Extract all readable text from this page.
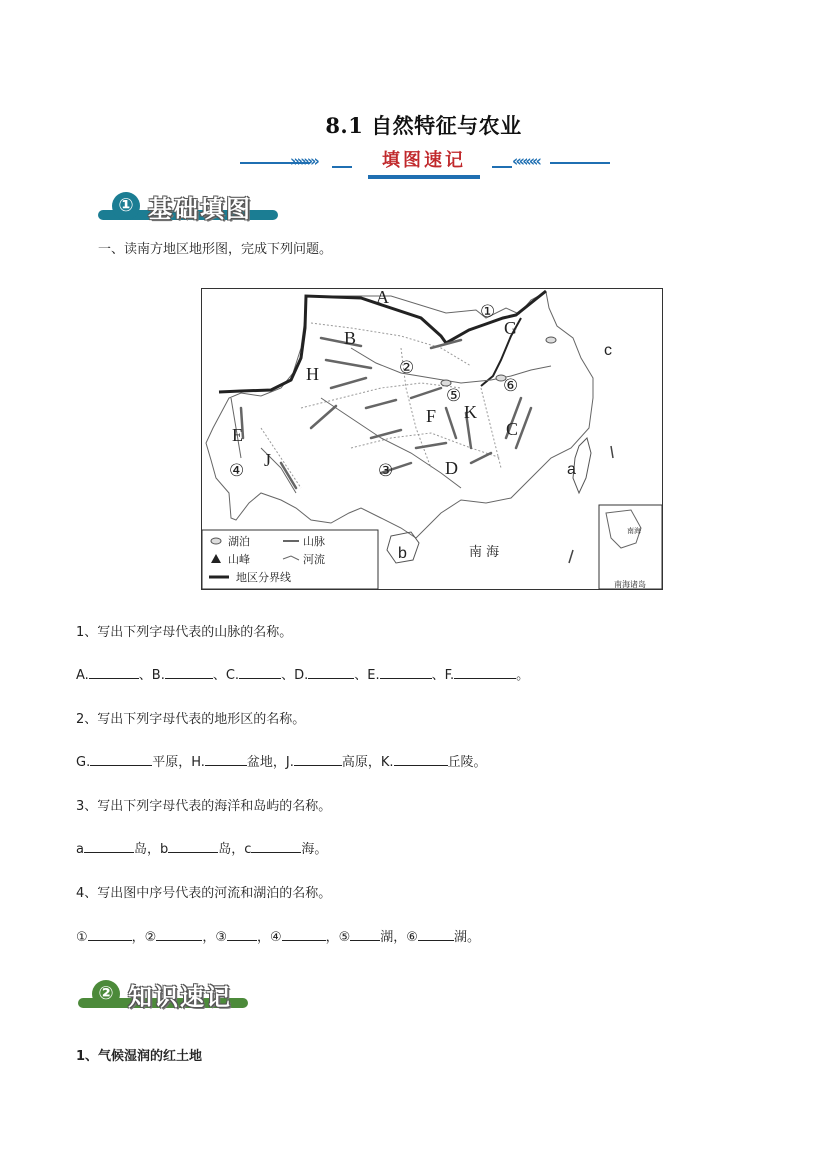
8.1 自然特征与农业
»»»»	填图速记	««««
① 基础填图
一、读南方地区地形图，完成下列问题。
南海诸岛
南海
湖泊	山脉
山峰	河流
地区分界线
A
B
C
D
E
F
G
H
J
K
a
b
c
①
②
③
④
⑤ ⑥
南 海
1、写出下列字母代表的山脉的名称。
A.	、B.	、C.	、D.	、E.	、F.	。
2、写出下列字母代表的地形区的名称。
G.	平原，H.	盆地，J.	高原，K.	丘陵。
3、写出下列字母代表的海洋和岛屿的名称。
a	岛，b	岛，c	海。
4、写出图中序号代表的河流和湖泊的名称。
①	，②	，③ ，④	，⑤ 湖，⑥	湖。
② 知识速记
1、气候湿润的红土地
